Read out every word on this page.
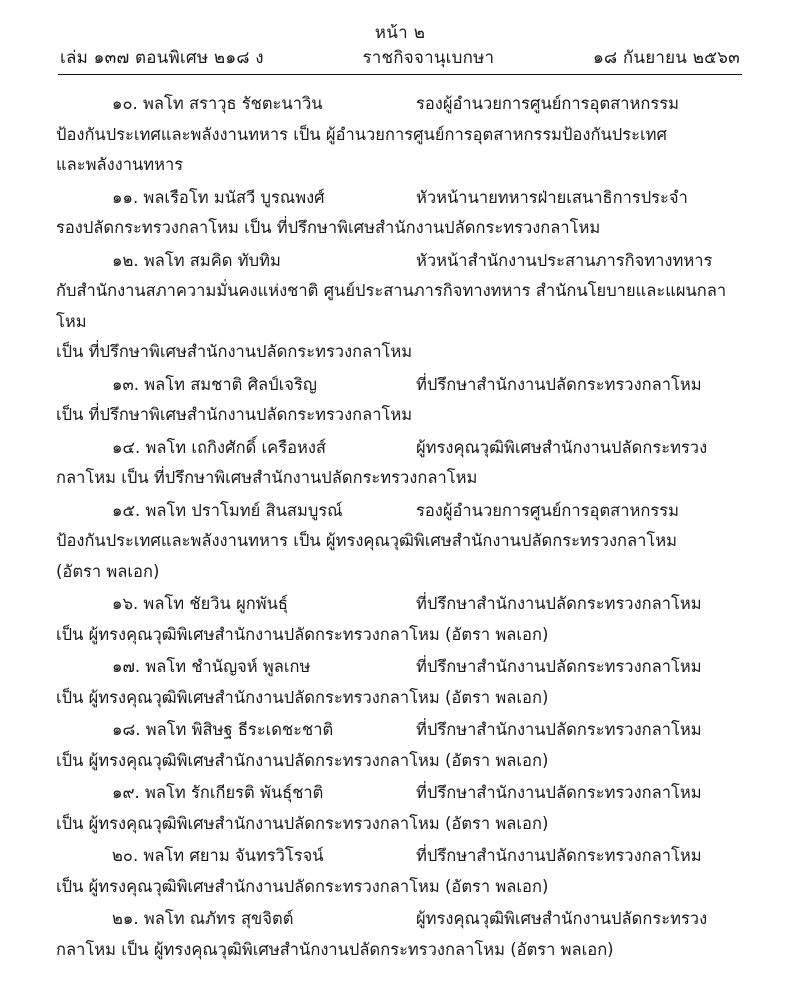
หน้า ๒
เล่ม ๑๓๗ ตอนพิเศษ ๒๑๘ ง	ราชกิจจานุเบกษา	๑๘ กันยายน ๒๕๖๓
๑๐. พลโท สราวุธ รัชตะนาวิน	รองผู้อำนวยการศูนย์การอุตสาหกรรม
ป้องกันประเทศและพลังงานทหาร เป็น ผู้อำนวยการศูนย์การอุตสาหกรรมป้องกันประเทศ
และพลังงานทหาร
๑๑. พลเรือโท มนัสวี บูรณพงศ์	หัวหน้านายทหารฝ่ายเสนาธิการประจำ
รองปลัดกระทรวงกลาโหม เป็น ที่ปรึกษาพิเศษสำนักงานปลัดกระทรวงกลาโหม
๑๒. พลโท สมคิด ทับทิม	หัวหน้าสำนักงานประสานภารกิจทางทหาร
กับสำนักงานสภาความมั่นคงแห่งชาติ ศูนย์ประสานภารกิจทางทหาร สำนักนโยบายและแผนกลาโหม
เป็น ที่ปรึกษาพิเศษสำนักงานปลัดกระทรวงกลาโหม
๑๓. พลโท สมชาติ ศิลป์เจริญ	ที่ปรึกษาสำนักงานปลัดกระทรวงกลาโหม
เป็น ที่ปรึกษาพิเศษสำนักงานปลัดกระทรวงกลาโหม
๑๔. พลโท เถกิงศักดิ์ เครือหงส์	ผู้ทรงคุณวุฒิพิเศษสำนักงานปลัดกระทรวง
กลาโหม เป็น ที่ปรึกษาพิเศษสำนักงานปลัดกระทรวงกลาโหม
๑๕. พลโท ปราโมทย์ สินสมบูรณ์	รองผู้อำนวยการศูนย์การอุตสาหกรรม
ป้องกันประเทศและพลังงานทหาร เป็น ผู้ทรงคุณวุฒิพิเศษสำนักงานปลัดกระทรวงกลาโหม
(อัตรา พลเอก)
๑๖. พลโท ชัยวิน ผูกพันธุ์	ที่ปรึกษาสำนักงานปลัดกระทรวงกลาโหม
เป็น ผู้ทรงคุณวุฒิพิเศษสำนักงานปลัดกระทรวงกลาโหม (อัตรา พลเอก)
๑๗. พลโท ชำนัญจห์ พูลเกษ	ที่ปรึกษาสำนักงานปลัดกระทรวงกลาโหม
เป็น ผู้ทรงคุณวุฒิพิเศษสำนักงานปลัดกระทรวงกลาโหม (อัตรา พลเอก)
๑๘. พลโท พิสิษฐ ธีระเดชะชาติ	ที่ปรึกษาสำนักงานปลัดกระทรวงกลาโหม
เป็น ผู้ทรงคุณวุฒิพิเศษสำนักงานปลัดกระทรวงกลาโหม (อัตรา พลเอก)
๑๙. พลโท รักเกียรติ พันธุ์ชาติ	ที่ปรึกษาสำนักงานปลัดกระทรวงกลาโหม
เป็น ผู้ทรงคุณวุฒิพิเศษสำนักงานปลัดกระทรวงกลาโหม (อัตรา พลเอก)
๒๐. พลโท ศยาม จันทรวิโรจน์	ที่ปรึกษาสำนักงานปลัดกระทรวงกลาโหม
เป็น ผู้ทรงคุณวุฒิพิเศษสำนักงานปลัดกระทรวงกลาโหม (อัตรา พลเอก)
๒๑. พลโท ณภัทร สุขจิตต์	ผู้ทรงคุณวุฒิพิเศษสำนักงานปลัดกระทรวง
กลาโหม เป็น ผู้ทรงคุณวุฒิพิเศษสำนักงานปลัดกระทรวงกลาโหม (อัตรา พลเอก)
